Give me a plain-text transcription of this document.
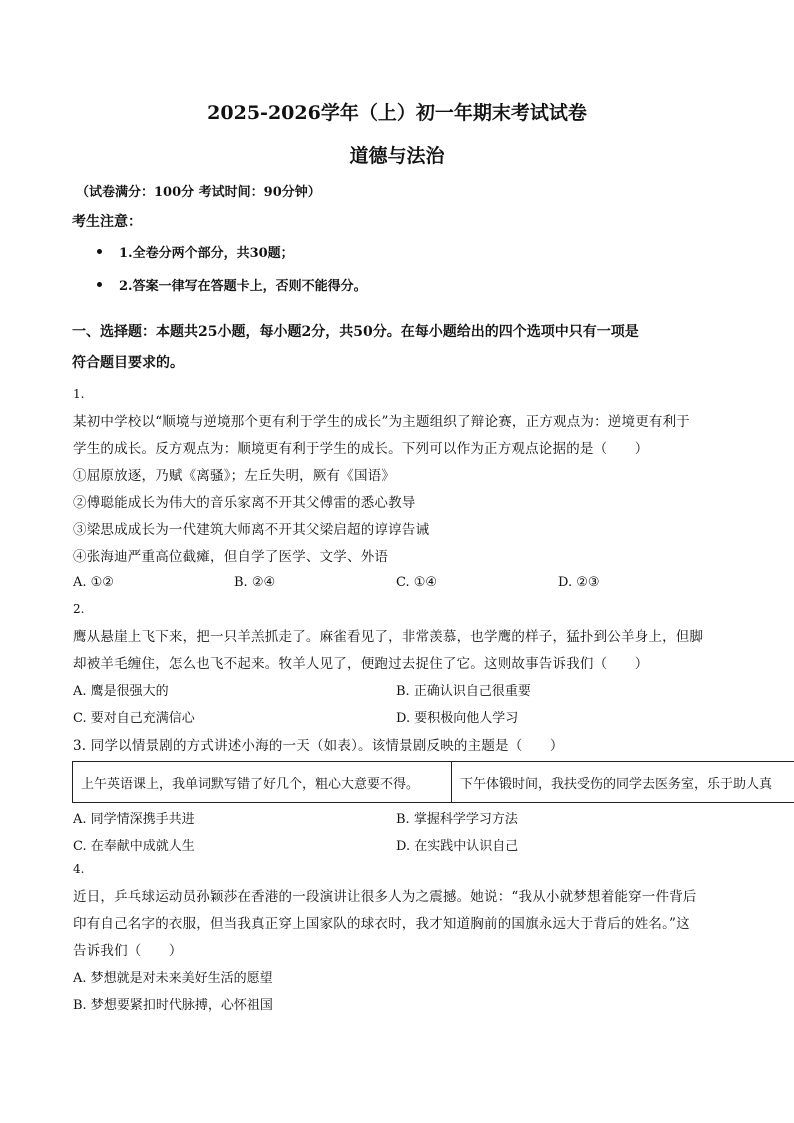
2025-2026学年（上）初一年期末考试试卷
道德与法治
（试卷满分：100分 考试时间：90分钟）
考生注意：
1.全卷分两个部分，共30题；
2.答案一律写在答题卡上，否则不能得分。
一、选择题：本题共25小题，每小题2分，共50分。在每小题给出的四个选项中只有一项是
符合题目要求的。
1.
某初中学校以“顺境与逆境那个更有利于学生的成长”为主题组织了辩论赛，正方观点为：逆境更有利于
学生的成长。反方观点为：顺境更有利于学生的成长。下列可以作为正方观点论据的是（　　）
①屈原放逐，乃赋《离骚》；左丘失明，厥有《国语》
②傅聪能成长为伟大的音乐家离不开其父傅雷的悉心教导
③梁思成成长为一代建筑大师离不开其父梁启超的谆谆告诫
④张海迪严重高位截瘫，但自学了医学、文学、外语
A. ①②	B. ②④	C. ①④	D. ②③
2.
鹰从悬崖上飞下来，把一只羊羔抓走了。麻雀看见了，非常羡慕，也学鹰的样子，猛扑到公羊身上，但脚
却被羊毛缠住，怎么也飞不起来。牧羊人见了，便跑过去捉住了它。这则故事告诉我们（　　）
A. 鹰是很强大的	B. 正确认识自己很重要
C. 要对自己充满信心	D. 要积极向他人学习
3. 同学以情景剧的方式讲述小海的一天（如表）。该情景剧反映的主题是（　　）
上午英语课上，我单词默写错了好几个，粗心大意要不得。	下午体锻时间，我扶受伤的同学去医务室，乐于助人真
A. 同学情深携手共进	B. 掌握科学学习方法
C. 在奉献中成就人生	D. 在实践中认识自己
4.
近日，乒乓球运动员孙颖莎在香港的一段演讲让很多人为之震撼。她说：“我从小就梦想着能穿一件背后
印有自己名字的衣服，但当我真正穿上国家队的球衣时，我才知道胸前的国旗永远大于背后的姓名。”这
告诉我们（　　）
A. 梦想就是对未来美好生活的愿望
B. 梦想要紧扣时代脉搏，心怀祖国
